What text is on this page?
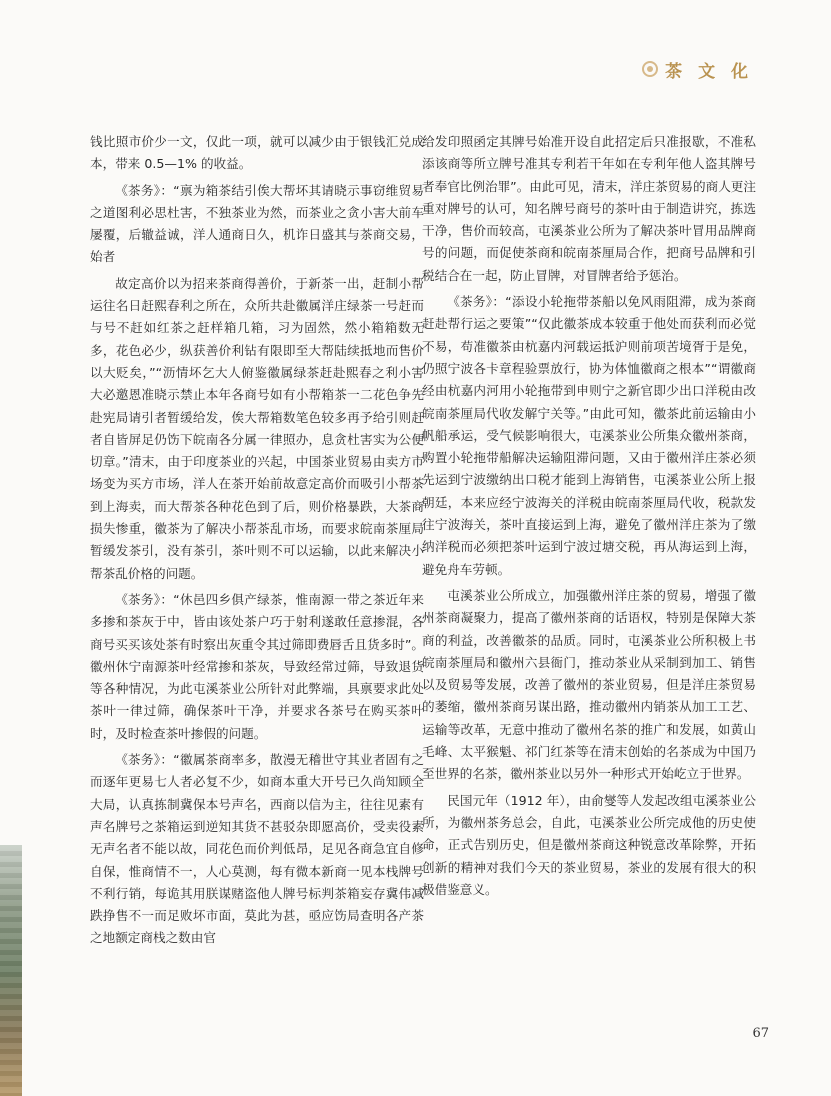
茶 文 化

钱比照市价少一文，仅此一项，就可以减少由于银钱汇兑成本，带来 0.5—1% 的收益。

《茶务》：“禀为箱茶结引俟大帮坏其请晓示事窃维贸易之道图利必思杜害，不独茶业为然，而茶业之贪小害大前车屡覆，后辙益诚，洋人通商日久，机诈日盛其与茶商交易，始者

故定高价以为招来茶商得善价，于新茶一出，赶制小帮运往名日赶熙春利之所在，众所共赴徽属洋庄绿茶一号赶而与号不赶如红茶之赶样箱几箱，习为固然，然小箱箱数无多，花色必少，纵获善价利钻有限即至大帮陆续抵地而售价以大贬矣，”“沥情坏乞大人俯鉴徽属绿茶赶赴熙春之利小害大必邀恩准晓示禁止本年各商号如有小帮箱茶一二花色争先赴宪局请引者暂缓给发，俟大帮箱数笔色较多再予给引则赶者自皆屏足仍饬下皖南各分属一律照办，息贪杜害实为公便切章。”清末，由于印度茶业的兴起，中国茶业贸易由卖方市场变为买方市场，洋人在茶开始前故意定高价而吸引小帮茶到上海卖，而大帮茶各种花色到了后，则价格暴跌，大茶商损失惨重，徽茶为了解决小帮茶乱市场，而要求皖南茶厘局暂缓发茶引，没有茶引，茶叶则不可以运输，以此来解决小帮茶乱价格的问题。

《茶务》：“休邑四乡俱产绿茶，惟南源一带之茶近年来多掺和茶灰于中，皆由该处茶户巧于射利遂敢任意掺混，各商号买买该处茶有时察出灰重令其过筛即费唇舌且货多时”。徽州休宁南源茶叶经常掺和茶灰，导致经常过筛，导致退货等各种情况，为此屯溪茶业公所针对此弊端，具禀要求此处茶叶一律过筛，确保茶叶干净，并要求各茶号在购买茶叶时，及时检查茶叶掺假的问题。

《茶务》：“徽属茶商率多，散漫无稽世守其业者固有之而逐年更易七人者必复不少，如商本重大开号已久尚知顾全大局，认真拣制冀保本号声名，西商以信为主，往往见素有声名牌号之茶箱运到逆知其货不甚驳杂即愿高价，受卖役素无声名者不能以故，同花色而价判低昂，足见各商急宜自修自保，惟商情不一，人心莫测，每有微本新商一见本栈牌号不利行销，每诡其用朕谋赌盗他人牌号标判茶箱妄存冀伟减跌挣售不一而足败坏市面，莫此为甚，亟应饬局查明各产茶之地额定商栈之数由官

给发印照函定其牌号始准开设自此招定后只准报歇，不准私添该商等所立牌号准其专利若干年如在专利年他人盗其牌号者奉官比例治罪”。由此可见，清末，洋庄茶贸易的商人更注重对牌号的认可，知名牌号商号的茶叶由于制造讲究，拣选干净，售价而较高，屯溪茶业公所为了解决茶叶冒用品牌商号的问题，而促使茶商和皖南茶厘局合作，把商号品牌和引税结合在一起，防止冒牌，对冒牌者给予惩治。

《茶务》：“添设小轮拖带茶船以免风雨阻滞，成为茶商赶赴帮行运之要策”“仅此徽茶成本较重于他处而获利而必觉不易，苟准徽茶由杭嘉内河载运抵沪则前项苦境胥于是免，仍照宁波各卡章程验票放行，协为体恤徽商之根本”“谓徽商经由杭嘉内河用小轮拖带到申则宁之新官即少出口洋税由改皖南茶厘局代收发解宁关等。”由此可知，徽茶此前运输由小帆船承运，受气候影响很大，屯溪茶业公所集众徽州茶商，购置小轮拖带船解决运输阻滞问题，又由于徽州洋庄茶必须先运到宁波缴纳出口税才能到上海销售，屯溪茶业公所上报朝廷，本来应经宁波海关的洋税由皖南茶厘局代收，税款发往宁波海关，茶叶直接运到上海，避免了徽州洋庄茶为了缴纳洋税而必须把茶叶运到宁波过塘交税，再从海运到上海，避免舟车劳顿。

屯溪茶业公所成立，加强徽州洋庄茶的贸易，增强了徽州茶商凝聚力，提高了徽州茶商的话语权，特别是保障大茶商的利益，改善徽茶的品质。同时，屯溪茶业公所积极上书皖南茶厘局和徽州六县衙门，推动茶业从采制到加工、销售以及贸易等发展，改善了徽州的茶业贸易，但是洋庄茶贸易的萎缩，徽州茶商另谋出路，推动徽州内销茶从加工工艺、运输等改革，无意中推动了徽州名茶的推广和发展，如黄山毛峰、太平猴魁、祁门红茶等在清末创始的名茶成为中国乃至世界的名茶，徽州茶业以另外一种形式开始屹立于世界。

民国元年（1912 年），由俞燮等人发起改组屯溪茶业公所，为徽州茶务总会，自此，屯溪茶业公所完成他的历史使命，正式告别历史，但是徽州茶商这种锐意改革除弊，开拓创新的精神对我们今天的茶业贸易，茶业的发展有很大的积极借鉴意义。

67
